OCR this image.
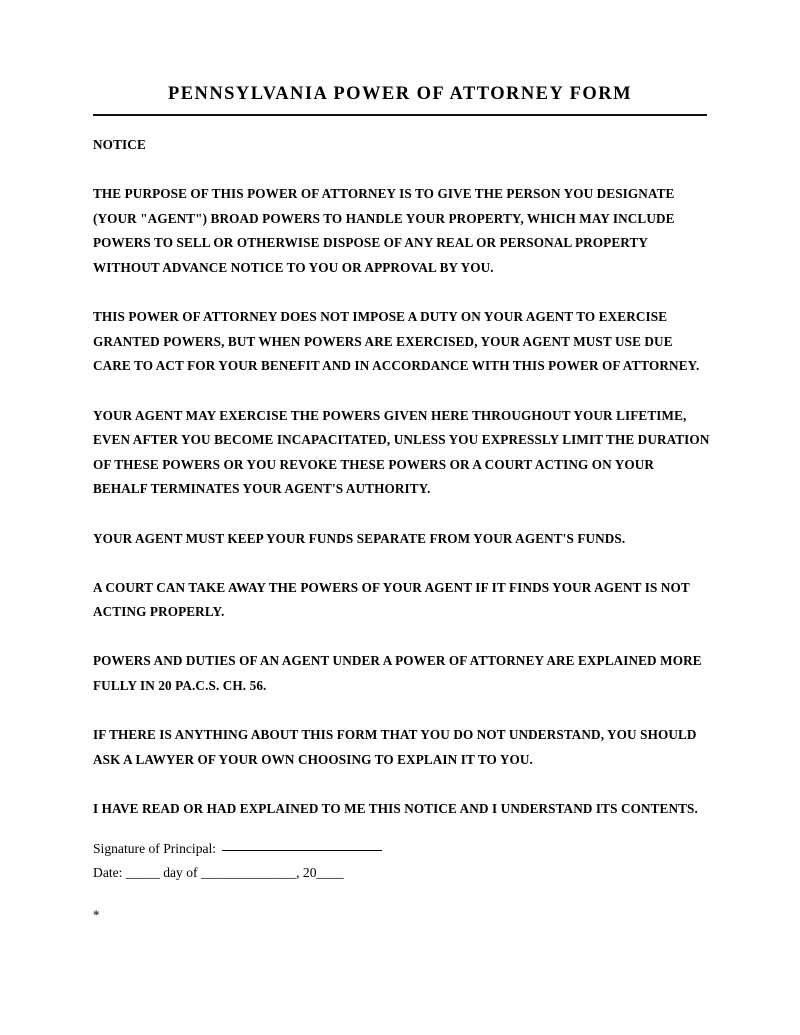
PENNSYLVANIA POWER OF ATTORNEY FORM

NOTICE

THE PURPOSE OF THIS POWER OF ATTORNEY IS TO GIVE THE PERSON YOU DESIGNATE (YOUR "AGENT") BROAD POWERS TO HANDLE YOUR PROPERTY, WHICH MAY INCLUDE POWERS TO SELL OR OTHERWISE DISPOSE OF ANY REAL OR PERSONAL PROPERTY WITHOUT ADVANCE NOTICE TO YOU OR APPROVAL BY YOU.

THIS POWER OF ATTORNEY DOES NOT IMPOSE A DUTY ON YOUR AGENT TO EXERCISE GRANTED POWERS, BUT WHEN POWERS ARE EXERCISED, YOUR AGENT MUST USE DUE CARE TO ACT FOR YOUR BENEFIT AND IN ACCORDANCE WITH THIS POWER OF ATTORNEY.

YOUR AGENT MAY EXERCISE THE POWERS GIVEN HERE THROUGHOUT YOUR LIFETIME, EVEN AFTER YOU BECOME INCAPACITATED, UNLESS YOU EXPRESSLY LIMIT THE DURATION OF THESE POWERS OR YOU REVOKE THESE POWERS OR A COURT ACTING ON YOUR BEHALF TERMINATES YOUR AGENT'S AUTHORITY.

YOUR AGENT MUST KEEP YOUR FUNDS SEPARATE FROM YOUR AGENT'S FUNDS.

A COURT CAN TAKE AWAY THE POWERS OF YOUR AGENT IF IT FINDS YOUR AGENT IS NOT ACTING PROPERLY.

POWERS AND DUTIES OF AN AGENT UNDER A POWER OF ATTORNEY ARE EXPLAINED MORE FULLY IN 20 PA.C.S. CH. 56.

IF THERE IS ANYTHING ABOUT THIS FORM THAT YOU DO NOT UNDERSTAND, YOU SHOULD ASK A LAWYER OF YOUR OWN CHOOSING TO EXPLAIN IT TO YOU.

I HAVE READ OR HAD EXPLAINED TO ME THIS NOTICE AND I UNDERSTAND ITS CONTENTS.

Signature of Principal:
Date: _____ day of ______________, 20____
*
